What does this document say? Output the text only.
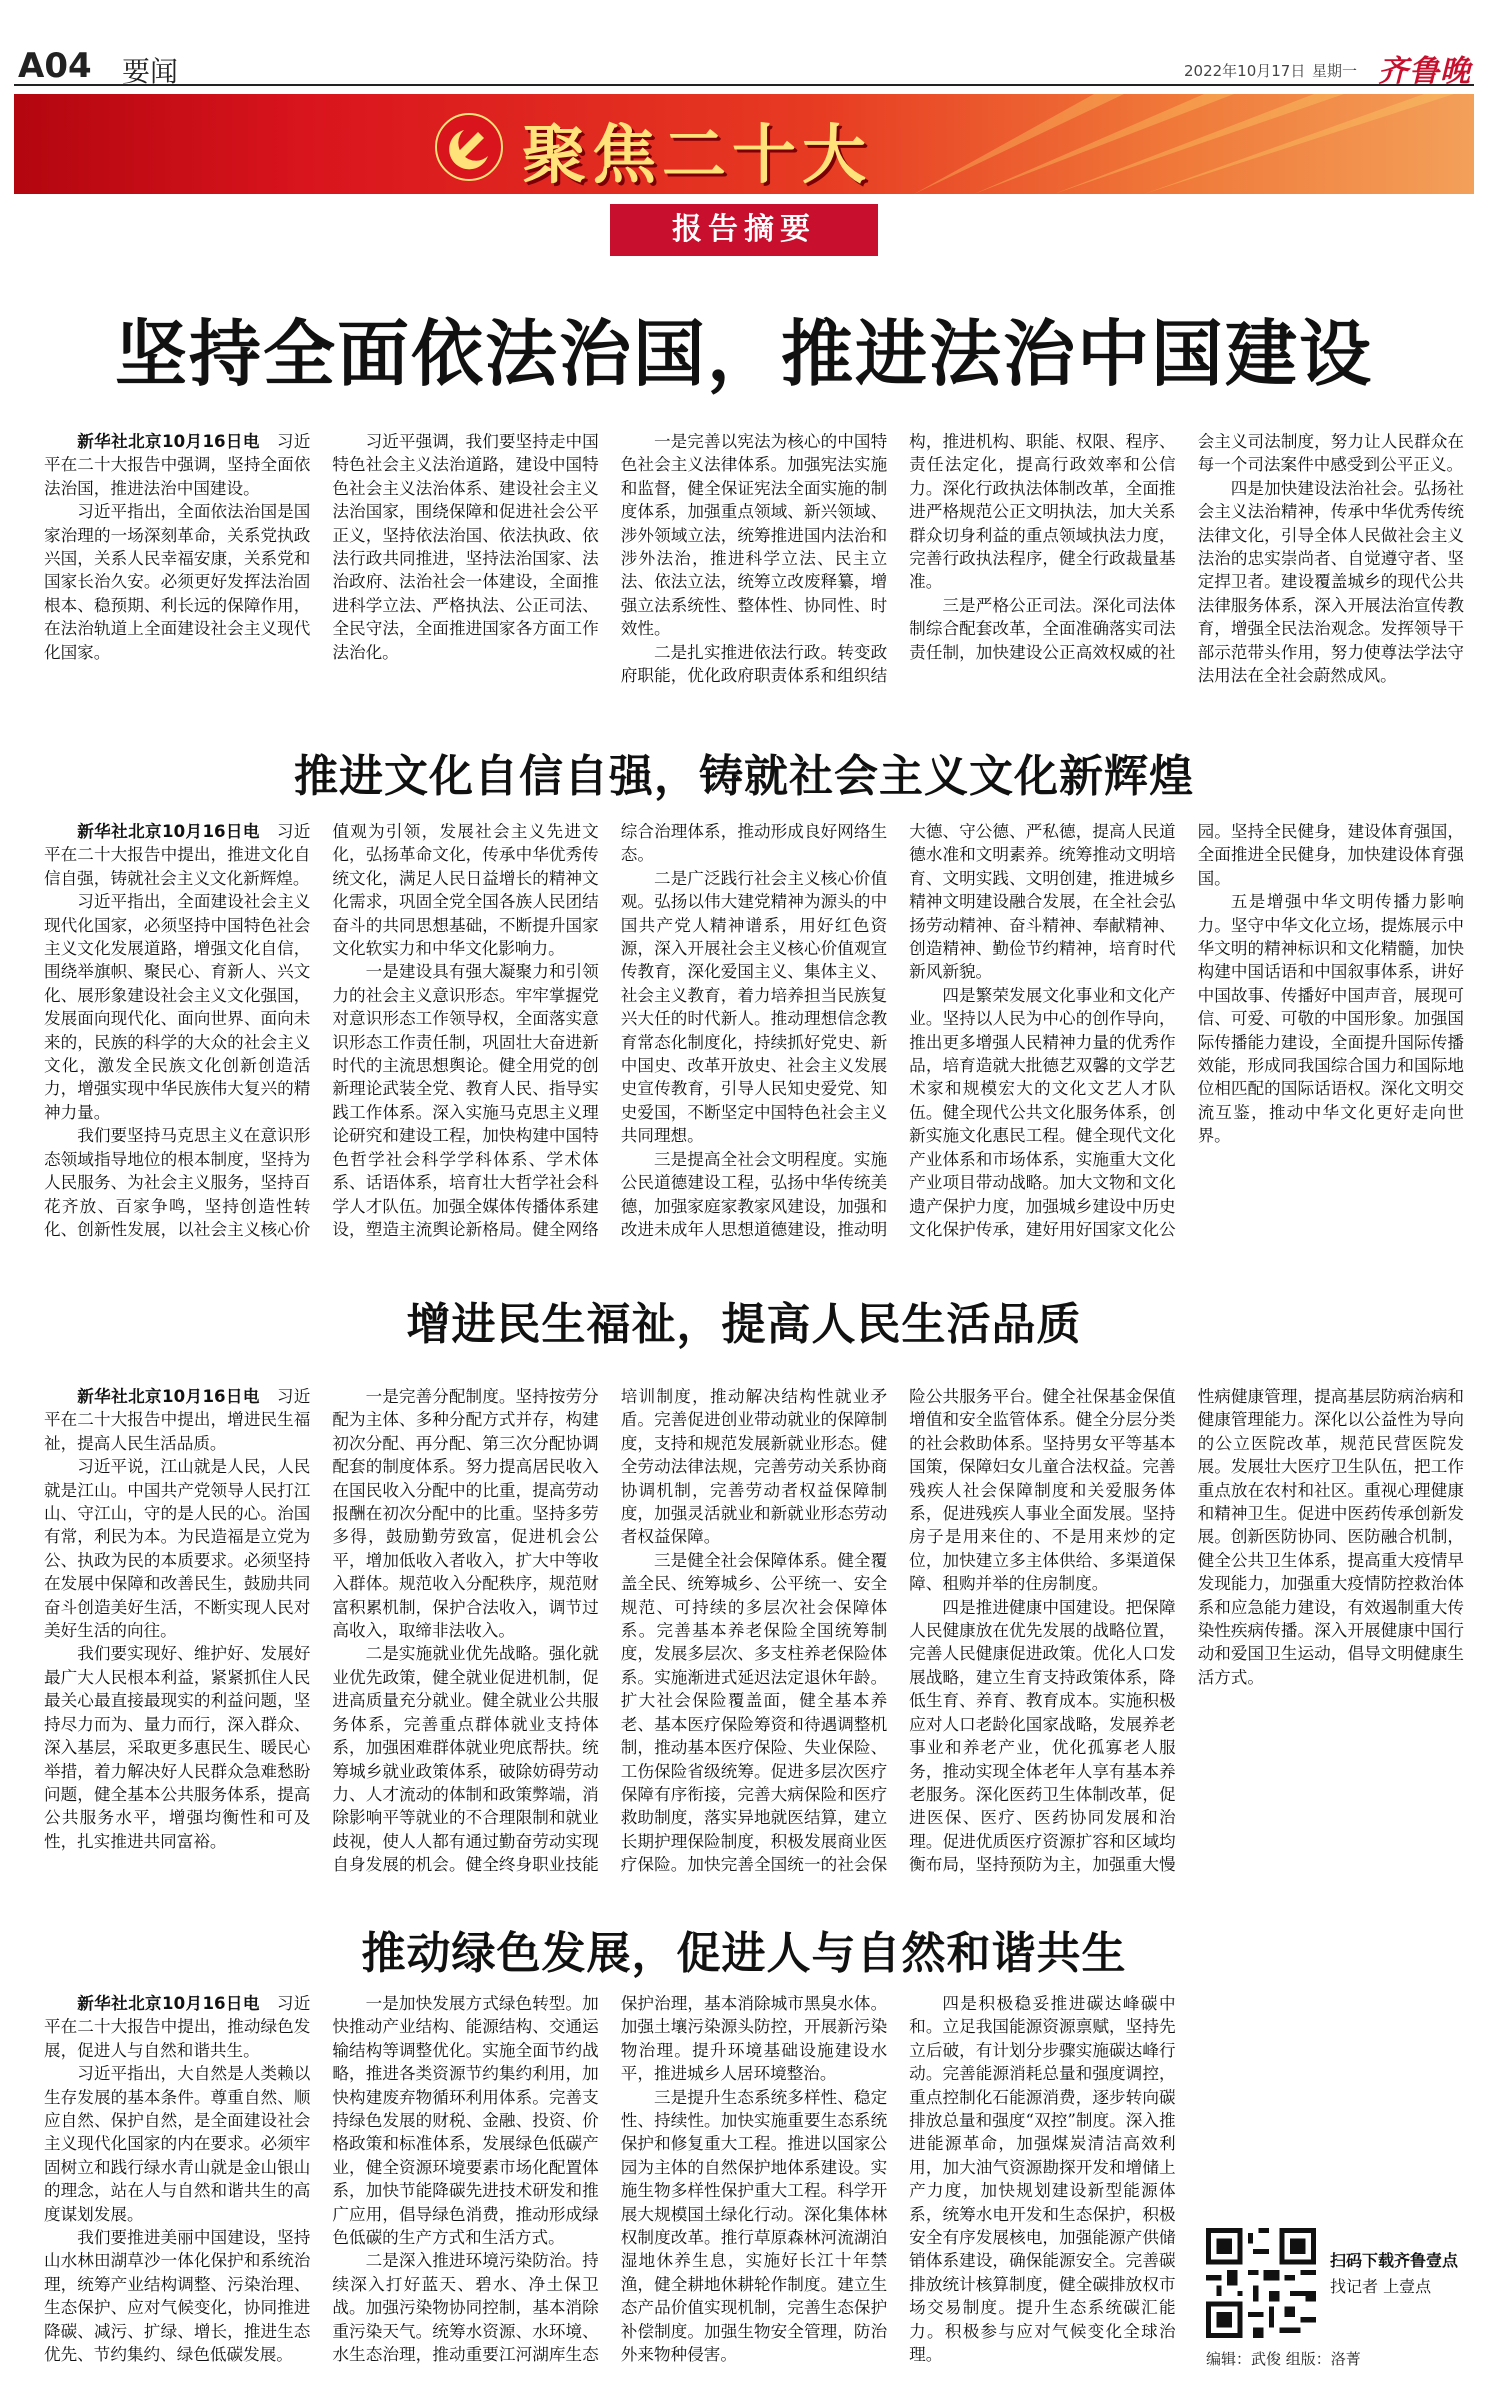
A04 要闻	2022年10月17日 星期一 齐鲁晚
聚焦二十大
报告摘要
坚持全面依法治国，推进法治中国建设

新华社北京10月16日电　 习近平在二十大报告中强调，坚持全面依法治国，推进法治中国建设。

习近平指出，全面依法治国是国家治理的一场深刻革命，关系党执政兴国，关系人民幸福安康，关系党和国家长治久安。必须更好发挥法治固根本、稳预期、利长远的保障作用，在法治轨道上全面建设社会主义现代化国家。

习近平强调，我们要坚持走中国特色社会主义法治道路，建设中国特色社会主义法治体系、建设社会主义法治国家，围绕保障和促进社会公平正义，坚持依法治国、依法执政、依法行政共同推进，坚持法治国家、法治政府、法治社会一体建设，全面推进科学立法、严格执法、公正司法、全民守法，全面推进国家各方面工作法治化。

一是完善以宪法为核心的中国特色社会主义法律体系。加强宪法实施和监督，健全保证宪法全面实施的制度体系，加强重点领域、新兴领域、涉外领域立法，统筹推进国内法治和涉外法治，推进科学立法、民主立法、依法立法，统筹立改废释纂，增强立法系统性、整体性、协同性、时效性。

二是扎实推进依法行政。转变政府职能，优化政府职责体系和组织结构，推进机构、职能、权限、程序、责任法定化，提高行政效率和公信力。深化行政执法体制改革，全面推进严格规范公正文明执法，加大关系群众切身利益的重点领域执法力度，完善行政执法程序，健全行政裁量基准。

三是严格公正司法。深化司法体制综合配套改革，全面准确落实司法责任制，加快建设公正高效权威的社会主义司法制度，努力让人民群众在每一个司法案件中感受到公平正义。

四是加快建设法治社会。弘扬社会主义法治精神，传承中华优秀传统法律文化，引导全体人民做社会主义法治的忠实崇尚者、自觉遵守者、坚定捍卫者。建设覆盖城乡的现代公共法律服务体系，深入开展法治宣传教育，增强全民法治观念。发挥领导干部示范带头作用，努力使尊法学法守法用法在全社会蔚然成风。

推进文化自信自强，铸就社会主义文化新辉煌

新华社北京10月16日电　 习近平在二十大报告中提出，推进文化自信自强，铸就社会主义文化新辉煌。

习近平指出，全面建设社会主义现代化国家，必须坚持中国特色社会主义文化发展道路，增强文化自信，围绕举旗帜、聚民心、育新人、兴文化、展形象建设社会主义文化强国，发展面向现代化、面向世界、面向未来的，民族的科学的大众的社会主义文化，激发全民族文化创新创造活力，增强实现中华民族伟大复兴的精神力量。

我们要坚持马克思主义在意识形态领域指导地位的根本制度，坚持为人民服务、为社会主义服务，坚持百花齐放、百家争鸣，坚持创造性转化、创新性发展，以社会主义核心价值观为引领，发展社会主义先进文化，弘扬革命文化，传承中华优秀传统文化，满足人民日益增长的精神文化需求，巩固全党全国各族人民团结奋斗的共同思想基础，不断提升国家文化软实力和中华文化影响力。

一是建设具有强大凝聚力和引领力的社会主义意识形态。牢牢掌握党对意识形态工作领导权，全面落实意识形态工作责任制，巩固壮大奋进新时代的主流思想舆论。健全用党的创新理论武装全党、教育人民、指导实践工作体系。深入实施马克思主义理论研究和建设工程，加快构建中国特色哲学社会科学学科体系、学术体系、话语体系，培育壮大哲学社会科学人才队伍。加强全媒体传播体系建设，塑造主流舆论新格局。健全网络综合治理体系，推动形成良好网络生态。

二是广泛践行社会主义核心价值观。弘扬以伟大建党精神为源头的中国共产党人精神谱系，用好红色资源，深入开展社会主义核心价值观宣传教育，深化爱国主义、集体主义、社会主义教育，着力培养担当民族复兴大任的时代新人。推动理想信念教育常态化制度化，持续抓好党史、新中国史、改革开放史、社会主义发展史宣传教育，引导人民知史爱党、知史爱国，不断坚定中国特色社会主义共同理想。

三是提高全社会文明程度。实施公民道德建设工程，弘扬中华传统美德，加强家庭家教家风建设，加强和改进未成年人思想道德建设，推动明大德、守公德、严私德，提高人民道德水准和文明素养。统筹推动文明培育、文明实践、文明创建，推进城乡精神文明建设融合发展，在全社会弘扬劳动精神、奋斗精神、奉献精神、创造精神、勤俭节约精神，培育时代新风新貌。

四是繁荣发展文化事业和文化产业。坚持以人民为中心的创作导向，推出更多增强人民精神力量的优秀作品，培育造就大批德艺双馨的文学艺术家和规模宏大的文化文艺人才队伍。健全现代公共文化服务体系，创新实施文化惠民工程。健全现代文化产业体系和市场体系，实施重大文化产业项目带动战略。加大文物和文化遗产保护力度，加强城乡建设中历史文化保护传承，建好用好国家文化公园。坚持全民健身，建设体育强国，全面推进全民健身，加快建设体育强国。

五是增强中华文明传播力影响力。坚守中华文化立场，提炼展示中华文明的精神标识和文化精髓，加快构建中国话语和中国叙事体系，讲好中国故事、传播好中国声音，展现可信、可爱、可敬的中国形象。加强国际传播能力建设，全面提升国际传播效能，形成同我国综合国力和国际地位相匹配的国际话语权。深化文明交流互鉴，推动中华文化更好走向世界。

增进民生福祉，提高人民生活品质

新华社北京10月16日电　 习近平在二十大报告中提出，增进民生福祉，提高人民生活品质。

习近平说，江山就是人民，人民就是江山。中国共产党领导人民打江山、守江山，守的是人民的心。治国有常，利民为本。为民造福是立党为公、执政为民的本质要求。必须坚持在发展中保障和改善民生，鼓励共同奋斗创造美好生活，不断实现人民对美好生活的向往。

我们要实现好、维护好、发展好最广大人民根本利益，紧紧抓住人民最关心最直接最现实的利益问题，坚持尽力而为、量力而行，深入群众、深入基层，采取更多惠民生、暖民心举措，着力解决好人民群众急难愁盼问题，健全基本公共服务体系，提高公共服务水平，增强均衡性和可及性，扎实推进共同富裕。

一是完善分配制度。坚持按劳分配为主体、多种分配方式并存，构建初次分配、再分配、第三次分配协调配套的制度体系。努力提高居民收入在国民收入分配中的比重，提高劳动报酬在初次分配中的比重。坚持多劳多得，鼓励勤劳致富，促进机会公平，增加低收入者收入，扩大中等收入群体。规范收入分配秩序，规范财富积累机制，保护合法收入，调节过高收入，取缔非法收入。

二是实施就业优先战略。强化就业优先政策，健全就业促进机制，促进高质量充分就业。健全就业公共服务体系，完善重点群体就业支持体系，加强困难群体就业兜底帮扶。统筹城乡就业政策体系，破除妨碍劳动力、人才流动的体制和政策弊端，消除影响平等就业的不合理限制和就业歧视，使人人都有通过勤奋劳动实现自身发展的机会。健全终身职业技能培训制度，推动解决结构性就业矛盾。完善促进创业带动就业的保障制度，支持和规范发展新就业形态。健全劳动法律法规，完善劳动关系协商协调机制，完善劳动者权益保障制度，加强灵活就业和新就业形态劳动者权益保障。

三是健全社会保障体系。健全覆盖全民、统筹城乡、公平统一、安全规范、可持续的多层次社会保障体系。完善基本养老保险全国统筹制度，发展多层次、多支柱养老保险体系。实施渐进式延迟法定退休年龄。扩大社会保险覆盖面，健全基本养老、基本医疗保险筹资和待遇调整机制，推动基本医疗保险、失业保险、工伤保险省级统筹。促进多层次医疗保障有序衔接，完善大病保险和医疗救助制度，落实异地就医结算，建立长期护理保险制度，积极发展商业医疗保险。加快完善全国统一的社会保险公共服务平台。健全社保基金保值增值和安全监管体系。健全分层分类的社会救助体系。坚持男女平等基本国策，保障妇女儿童合法权益。完善残疾人社会保障制度和关爱服务体系，促进残疾人事业全面发展。坚持房子是用来住的、不是用来炒的定位，加快建立多主体供给、多渠道保障、租购并举的住房制度。

四是推进健康中国建设。把保障人民健康放在优先发展的战略位置，完善人民健康促进政策。优化人口发展战略，建立生育支持政策体系，降低生育、养育、教育成本。实施积极应对人口老龄化国家战略，发展养老事业和养老产业，优化孤寡老人服务，推动实现全体老年人享有基本养老服务。深化医药卫生体制改革，促进医保、医疗、医药协同发展和治理。促进优质医疗资源扩容和区域均衡布局，坚持预防为主，加强重大慢性病健康管理，提高基层防病治病和健康管理能力。深化以公益性为导向的公立医院改革，规范民营医院发展。发展壮大医疗卫生队伍，把工作重点放在农村和社区。重视心理健康和精神卫生。促进中医药传承创新发展。创新医防协同、医防融合机制，健全公共卫生体系，提高重大疫情早发现能力，加强重大疫情防控救治体系和应急能力建设，有效遏制重大传染性疾病传播。深入开展健康中国行动和爱国卫生运动，倡导文明健康生活方式。

推动绿色发展，促进人与自然和谐共生

新华社北京10月16日电　 习近平在二十大报告中提出，推动绿色发展，促进人与自然和谐共生。

习近平指出，大自然是人类赖以生存发展的基本条件。尊重自然、顺应自然、保护自然，是全面建设社会主义现代化国家的内在要求。必须牢固树立和践行绿水青山就是金山银山的理念，站在人与自然和谐共生的高度谋划发展。

我们要推进美丽中国建设，坚持山水林田湖草沙一体化保护和系统治理，统筹产业结构调整、污染治理、生态保护、应对气候变化，协同推进降碳、减污、扩绿、增长，推进生态优先、节约集约、绿色低碳发展。

一是加快发展方式绿色转型。加快推动产业结构、能源结构、交通运输结构等调整优化。实施全面节约战略，推进各类资源节约集约利用，加快构建废弃物循环利用体系。完善支持绿色发展的财税、金融、投资、价格政策和标准体系，发展绿色低碳产业，健全资源环境要素市场化配置体系，加快节能降碳先进技术研发和推广应用，倡导绿色消费，推动形成绿色低碳的生产方式和生活方式。

二是深入推进环境污染防治。持续深入打好蓝天、碧水、净土保卫战。加强污染物协同控制，基本消除重污染天气。统筹水资源、水环境、水生态治理，推动重要江河湖库生态保护治理，基本消除城市黑臭水体。加强土壤污染源头防控，开展新污染物治理。提升环境基础设施建设水平，推进城乡人居环境整治。

三是提升生态系统多样性、稳定性、持续性。加快实施重要生态系统保护和修复重大工程。推进以国家公园为主体的自然保护地体系建设。实施生物多样性保护重大工程。科学开展大规模国土绿化行动。深化集体林权制度改革。推行草原森林河流湖泊湿地休养生息，实施好长江十年禁渔，健全耕地休耕轮作制度。建立生态产品价值实现机制，完善生态保护补偿制度。加强生物安全管理，防治外来物种侵害。

四是积极稳妥推进碳达峰碳中和。立足我国能源资源禀赋，坚持先立后破，有计划分步骤实施碳达峰行动。完善能源消耗总量和强度调控，重点控制化石能源消费，逐步转向碳排放总量和强度“双控”制度。深入推进能源革命，加强煤炭清洁高效利用，加大油气资源勘探开发和增储上产力度，加快规划建设新型能源体系，统筹水电开发和生态保护，积极安全有序发展核电，加强能源产供储销体系建设，确保能源安全。完善碳排放统计核算制度，健全碳排放权市场交易制度。提升生态系统碳汇能力。积极参与应对气候变化全球治理。

扫码下载齐鲁壹点
找记者 上壹点
编辑：武俊 组版：洛菁
